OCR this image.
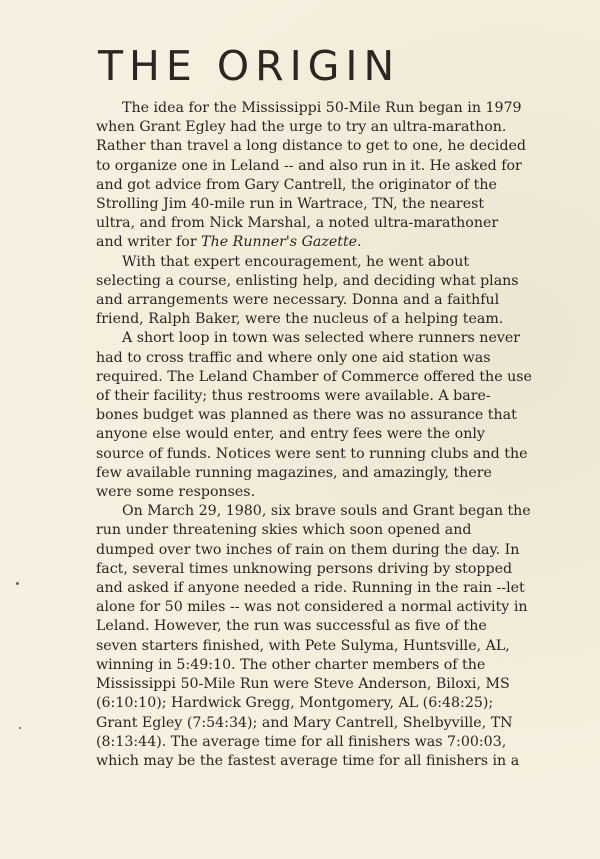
THE ORIGIN

The idea for the Mississippi 50-Mile Run began in 1979
when Grant Egley had the urge to try an ultra-marathon.
Rather than travel a long distance to get to one, he decided
to organize one in Leland -- and also run in it. He asked for
and got advice from Gary Cantrell, the originator of the
Strolling Jim 40-mile run in Wartrace, TN, the nearest
ultra, and from Nick Marshal, a noted ultra-marathoner
and writer for The Runner's Gazette.

With that expert encouragement, he went about
selecting a course, enlisting help, and deciding what plans
and arrangements were necessary. Donna and a faithful
friend, Ralph Baker, were the nucleus of a helping team.

A short loop in town was selected where runners never
had to cross traffic and where only one aid station was
required. The Leland Chamber of Commerce offered the use
of their facility; thus restrooms were available. A bare-
bones budget was planned as there was no assurance that
anyone else would enter, and entry fees were the only
source of funds. Notices were sent to running clubs and the
few available running magazines, and amazingly, there
were some responses.

On March 29, 1980, six brave souls and Grant began the
run under threatening skies which soon opened and
dumped over two inches of rain on them during the day. In
fact, several times unknowing persons driving by stopped
and asked if anyone needed a ride. Running in the rain --let
alone for 50 miles -- was not considered a normal activity in
Leland. However, the run was successful as five of the
seven starters finished, with Pete Sulyma, Huntsville, AL,
winning in 5:49:10. The other charter members of the
Mississippi 50-Mile Run were Steve Anderson, Biloxi, MS
(6:10:10); Hardwick Gregg, Montgomery, AL (6:48:25);
Grant Egley (7:54:34); and Mary Cantrell, Shelbyville, TN
(8:13:44). The average time for all finishers was 7:00:03,
which may be the fastest average time for all finishers in a
